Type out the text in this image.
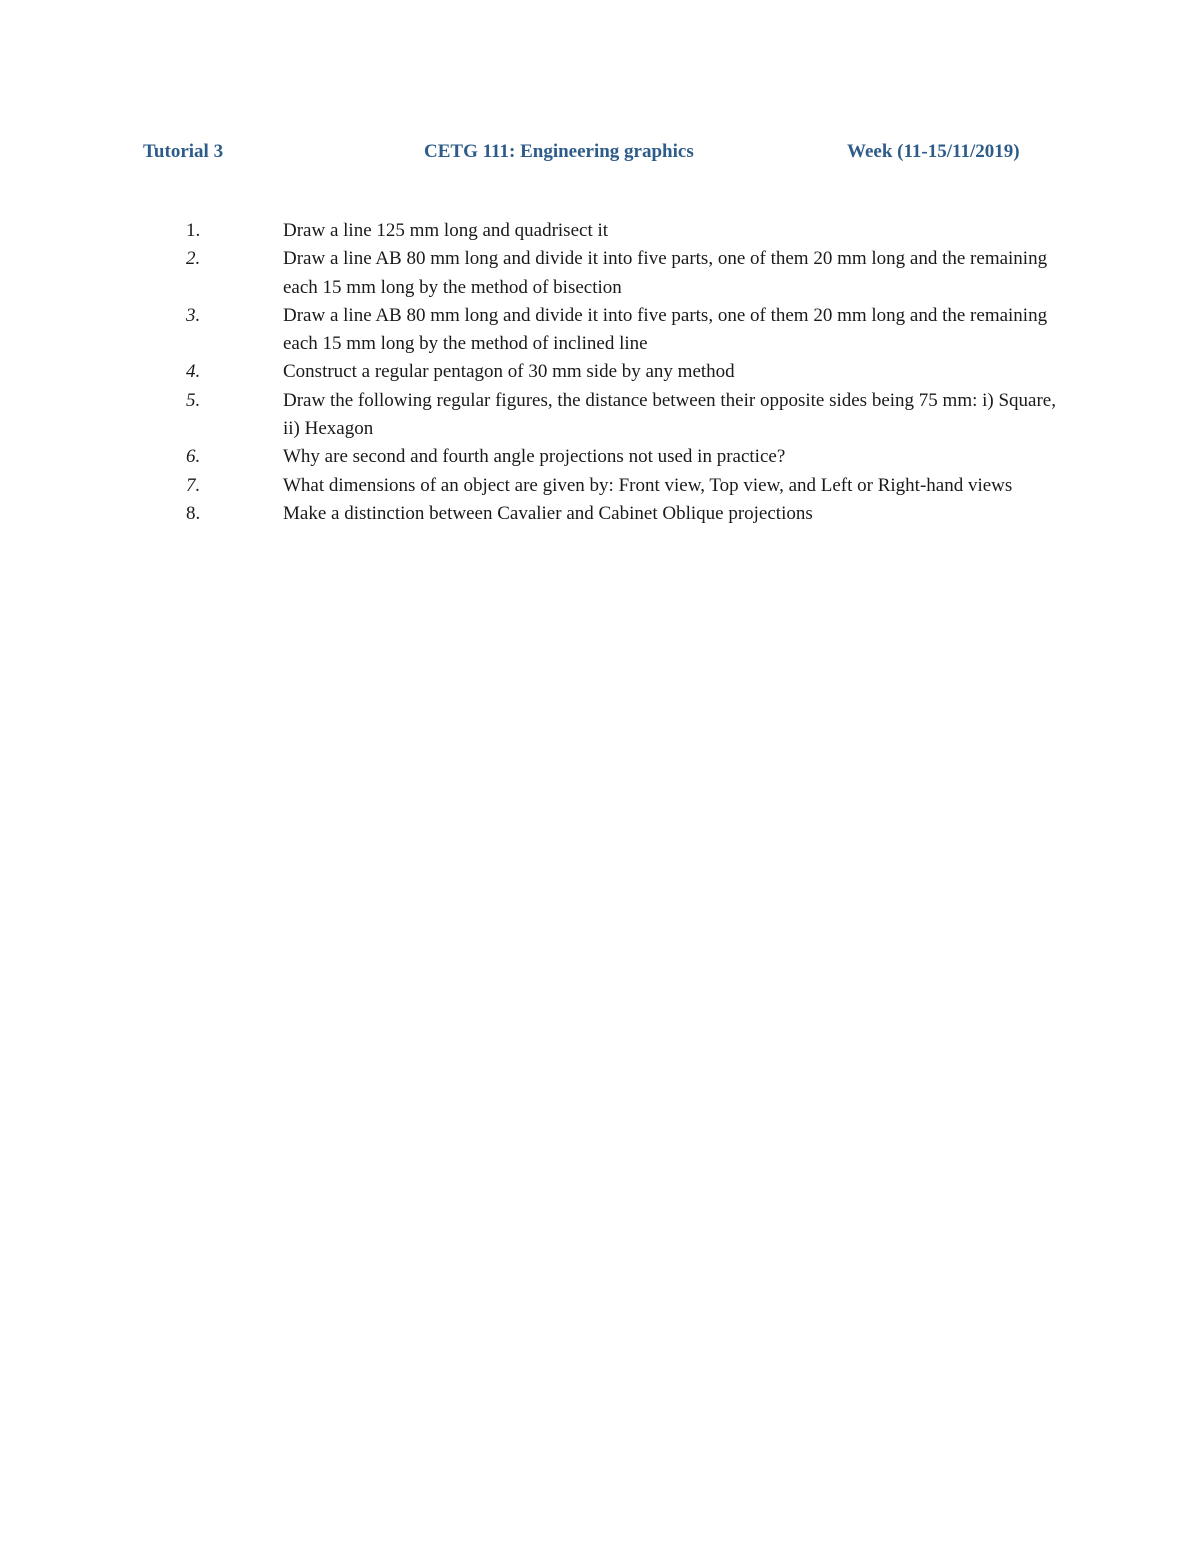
Tutorial 3	CETG 111: Engineering graphics	Week (11-15/11/2019)
1.	Draw a line 125 mm long and quadrisect it
2.	Draw a line AB 80 mm long and divide it into five parts, one of them 20 mm long and the remaining each 15 mm long by the method of bisection
3.	Draw a line AB 80 mm long and divide it into five parts, one of them 20 mm long and the remaining each 15 mm long by the method of inclined line
4.	Construct a regular pentagon of 30 mm side by any method
5.	Draw the following regular figures, the distance between their opposite sides being 75 mm: i) Square, ii) Hexagon
6.	Why are second and fourth angle projections not used in practice?
7.	What dimensions of an object are given by: Front view, Top view, and Left or Right-hand views
8.	Make a distinction between Cavalier and Cabinet Oblique projections
